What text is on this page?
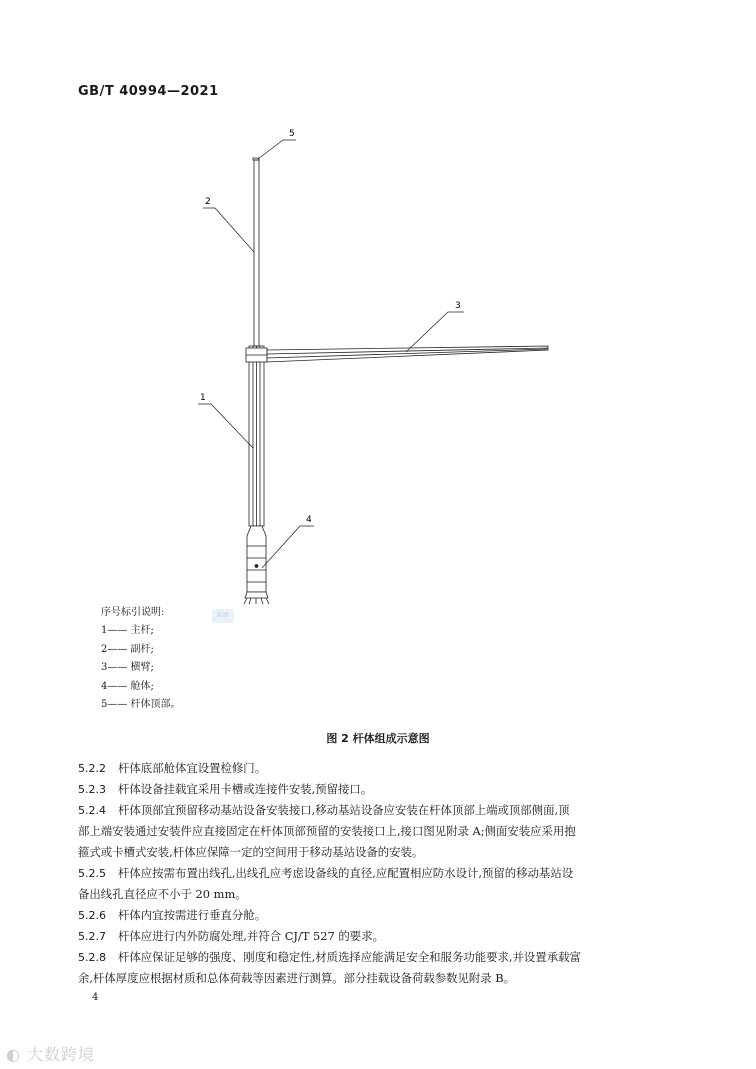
GB/T 40994—2021
5
2
3
1
4
标准
序号标引说明:
1—— 主杆;
2—— 副杆;
3—— 横臂;
4—— 舱体;
5—— 杆体顶部。
图 2 杆体组成示意图
5.2.2 杆体底部舱体宜设置检修门。
5.2.3 杆体设备挂载宜采用卡槽或连接件安装,预留接口。
5.2.4 杆体顶部宜预留移动基站设备安装接口,移动基站设备应安装在杆体顶部上端或顶部侧面,顶
部上端安装通过安装件应直接固定在杆体顶部预留的安装接口上,接口图见附录 A;侧面安装应采用抱
箍式或卡槽式安装,杆体应保障一定的空间用于移动基站设备的安装。
5.2.5 杆体应按需布置出线孔,出线孔应考虑设备线的直径,应配置相应防水设计,预留的移动基站设
备出线孔直径应不小于 20 mm。
5.2.6 杆体内宜按需进行垂直分舱。
5.2.7 杆体应进行内外防腐处理,并符合 CJ/T 527 的要求。
5.2.8 杆体应保证足够的强度、刚度和稳定性,材质选择应能满足安全和服务功能要求,并设置承载富
余,杆体厚度应根据材质和总体荷载等因素进行测算。部分挂载设备荷载参数见附录 B。
4
◐ 大数跨境
